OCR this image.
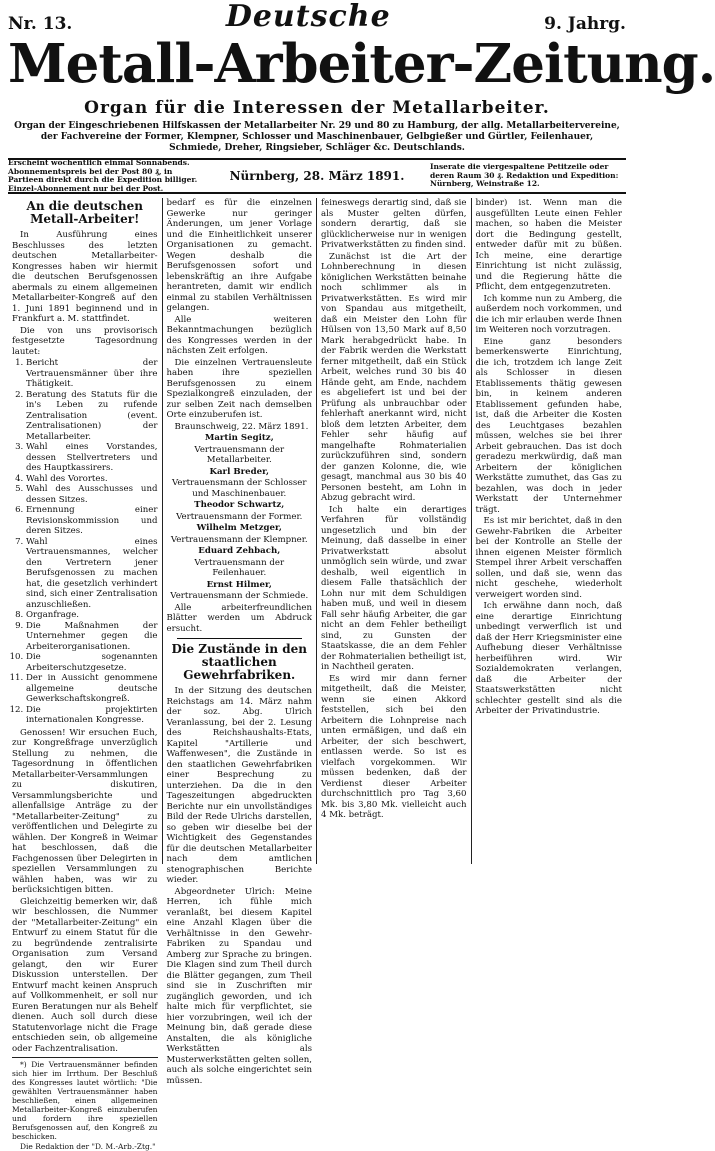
Nr. 13.	Deutsche	9. Jahrg.
Metall-Arbeiter-Zeitung.
Organ für die Interessen der Metallarbeiter.
Organ der Eingeschriebenen Hilfskassen der Metallarbeiter Nr. 29 und 80 zu Hamburg, der allg. Metallarbeitervereine, der Fachvereine der Former, Klempner, Schlosser und Maschinenbauer, Gelbgießer und Gürtler, Feilenhauer, Schmiede, Dreher, Ringsieber, Schläger &c. Deutschlands.
Erscheint wöchentlich einmal Sonnabends. Abonnementspreis bei der Post 80 ₰, in Partieen direkt durch die Expedition billiger. Einzel-Abonnement nur bei der Post.
Nürnberg, 28. März 1891.
Inserate die viergespaltene Petitzeile oder deren Raum 30 ₰. Redaktion und Expedition: Nürnberg, Weinstraße 12.
An die deutschen Metall-Arbeiter!

In Ausführung eines Beschlusses des letzten deutschen Metallarbeiter-Kongresses haben wir hiermit die deutschen Berufsgenossen abermals zu einem allgemeinen Metallarbeiter-Kongreß auf den 1. Juni 1891 beginnend und in Frankfurt a. M. stattfindet.

Die von uns provisorisch festgesetzte Tagesordnung lautet:

1. Bericht der Vertrauensmänner über ihre Thätigkeit.
2. Beratung des Statuts für die in's Leben zu rufende Zentralisation (event. Zentralisationen) der Metallarbeiter.
3. Wahl eines Vorstandes, dessen Stellvertreters und des Hauptkassirers.
4. Wahl des Vorortes.
5. Wahl des Ausschusses und dessen Sitzes.
6. Ernennung einer Revisionskommission und deren Sitzes.
7. Wahl eines Vertrauensmannes, welcher den Vertretern jener Berufsgenossen zu machen hat, die gesetzlich verhindert sind, sich einer Zentralisation anzuschließen.
8. Organfrage.
9. Die Maßnahmen der Unternehmer gegen die Arbeiterorganisationen.
10. Die sogenannten Arbeiterschutzgesetze.
11. Der in Aussicht genommene allgemeine deutsche Gewerkschaftskongreß.
12. Die projektirten internationalen Kongresse.

Genossen! Wir ersuchen Euch, zur Kongreßfrage unverzüglich Stellung zu nehmen, die Tagesordnung in öffentlichen Metallarbeiter-Versammlungen zu diskutiren, Versammlungsberichte und allenfallsige Anträge zu der "Metallarbeiter-Zeitung" zu veröffentlichen und Delegirte zu wählen. Der Kongreß in Weimar hat beschlossen, daß die Fachgenossen über Delegirten in speziellen Versammlungen zu wählen haben, was wir zu berücksichtigen bitten.

Gleichzeitig bemerken wir, daß wir beschlossen, die Nummer der "Metallarbeiter-Zeitung" ein Entwurf zu einem Statut für die zu begründende zentralisirte Organisation zum Versand gelangt, den wir Eurer Diskussion unterstellen. Der Entwurf macht keinen Anspruch auf Vollkommenheit, er soll nur Euren Beratungen nur als Behelf dienen. Auch soll durch diese Statutenvorlage nicht die Frage entschieden sein, ob allgemeine oder Fachzentralisation.

*) Die Vertrauensmänner befinden sich hier im Irrthum. Der Beschluß des Kongresses lautet wörtlich: "Die gewählten Vertrauensmänner haben beschließen, einen allgemeinen Metallarbeiter-Kongreß einzuberufen und fordern ihre speziellen Berufsgenossen auf, den Kongreß zu beschicken.

Die Redaktion der "D. M.-Arb.-Ztg."

bedarf es für die einzelnen Gewerke nur geringer Änderungen, um jener Vorlage und die Einheitlichkeit unserer Organisationen zu gemacht. Wegen deshalb die Berufsgenossen sofort und lebenskräftig an ihre Aufgabe herantreten, damit wir endlich einmal zu stabilen Verhältnissen gelangen.

Alle weiteren Bekanntmachungen bezüglich des Kongresses werden in der nächsten Zeit erfolgen.

Die einzelnen Vertrauensleute haben ihre speziellen Berufsgenossen zu einem Spezialkongreß einzuladen, der zur selben Zeit nach demselben Orte einzuberufen ist.

Braunschweig, 22. März 1891.

Martin Segitz,

Vertrauensmann der Metallarbeiter.

Karl Breder,

Vertrauensmann der Schlosser und Maschinenbauer.

Theodor Schwartz,

Vertrauensmann der Former.

Wilhelm Metzger,

Vertrauensmann der Klempner.

Eduard Zehbach,

Vertrauensmann der Feilenhauer.

Ernst Hilmer,

Vertrauensmann der Schmiede.

Alle arbeiterfreundlichen Blätter werden um Abdruck ersucht.

Die Zustände in den staatlichen Gewehrfabriken.

In der Sitzung des deutschen Reichstags am 14. März nahm der soz. Abg. Ulrich Veranlassung, bei der 2. Lesung des Reichshaushalts-Etats, Kapitel "Artillerie und Waffenwesen", die Zustände in den staatlichen Gewehrfabriken einer Besprechung zu unterziehen. Da die in den Tageszeitungen abgedruckten Berichte nur ein unvollständiges Bild der Rede Ulrichs darstellen, so geben wir dieselbe bei der Wichtigkeit des Gegenstandes für die deutschen Metallarbeiter nach dem amtlichen stenographischen Berichte wieder.

Abgeordneter Ulrich: Meine Herren, ich fühle mich veranlaßt, bei diesem Kapitel eine Anzahl Klagen über die Verhältnisse in den Gewehr-Fabriken zu Spandau und Amberg zur Sprache zu bringen. Die Klagen sind zum Theil durch die Blätter gegangen, zum Theil sind sie in Zuschriften mir zugänglich geworden, und ich halte mich für verpflichtet, sie hier vorzubringen, weil ich der Meinung bin, daß gerade diese Anstalten, die als königliche Werkstätten als Musterwerkstätten gelten sollen, auch als solche eingerichtet sein müssen.

feineswegs derartig sind, daß sie als Muster gelten dürfen, sondern derartig, daß sie glücklicherweise nur in wenigen Privatwerkstätten zu finden sind.

Zunächst ist die Art der Lohnberechnung in diesen königlichen Werkstätten beinahe noch schlimmer als in Privatwerkstätten. Es wird mir von Spandau aus mitgetheilt, daß ein Meister den Lohn für Hülsen von 13,50 Mark auf 8,50 Mark herabgedrückt habe. In der Fabrik werden die Werkstatt ferner mitgetheilt, daß ein Stück Arbeit, welches rund 30 bis 40 Hände geht, am Ende, nachdem es abgeliefert ist und bei der Prüfung als unbrauchbar oder fehlerhaft anerkannt wird, nicht bloß dem letzten Arbeiter, dem Fehler sehr häufig auf mangelhafte Rohmaterialien zurückzuführen sind, sondern der ganzen Kolonne, die, wie gesagt, manchmal aus 30 bis 40 Personen besteht, am Lohn in Abzug gebracht wird.

Ich halte ein derartiges Verfahren für vollständig ungesetzlich und bin der Meinung, daß dasselbe in einer Privatwerkstatt absolut unmöglich sein würde, und zwar deshalb, weil eigentlich in diesem Falle thatsächlich der Lohn nur mit dem Schuldigen haben muß, und weil in diesem Fall sehr häufig Arbeiter, die gar nicht an dem Fehler betheiligt sind, zu Gunsten der Staatskasse, die an dem Fehler der Rohmaterialien betheiligt ist, in Nachtheil geraten.

Es wird mir dann ferner mitgetheilt, daß die Meister, wenn sie einen Akkord feststellen, sich bei den Arbeitern die Lohnpreise nach unten ermäßigen, und daß ein Arbeiter, der sich beschwert, entlassen werde. So ist es vielfach vorgekommen. Wir müssen bedenken, daß der Verdienst dieser Arbeiter durchschnittlich pro Tag 3,60 Mk. bis 3,80 Mk. vielleicht auch 4 Mk. beträgt.

binder) ist. Wenn man die ausgefüllten Leute einen Fehler machen, so haben die Meister dort die Bedingung gestellt, entweder dafür mit zu büßen. Ich meine, eine derartige Einrichtung ist nicht zulässig, und die Regierung hätte die Pflicht, dem entgegenzutreten.

Ich komme nun zu Amberg, die außerdem noch vorkommen, und die ich mir erlauben werde Ihnen im Weiteren noch vorzutragen.

Eine ganz besonders bemerkenswerte Einrichtung, die ich, trotzdem ich lange Zeit als Schlosser in diesen Etablissements thätig gewesen bin, in keinem anderen Etablissement gefunden habe, ist, daß die Arbeiter die Kosten des Leuchtgases bezahlen müssen, welches sie bei ihrer Arbeit gebrauchen. Das ist doch geradezu merkwürdig, daß man Arbeitern der königlichen Werkstätte zumuthet, das Gas zu bezahlen, was doch in jeder Werkstatt der Unternehmer trägt.

Es ist mir berichtet, daß in den Gewehr-Fabriken die Arbeiter bei der Kontrolle an Stelle der ihnen eigenen Meister förmlich Stempel ihrer Arbeit verschaffen sollen, und daß sie, wenn das nicht geschehe, wiederholt verweigert worden sind.

Ich erwähne dann noch, daß eine derartige Einrichtung unbedingt verwerflich ist und daß der Herr Kriegsminister eine Aufhebung dieser Verhältnisse herbeiführen wird. Wir Sozialdemokraten verlangen, daß die Arbeiter der Staatswerkstätten nicht schlechter gestellt sind als die Arbeiter der Privatindustrie.
